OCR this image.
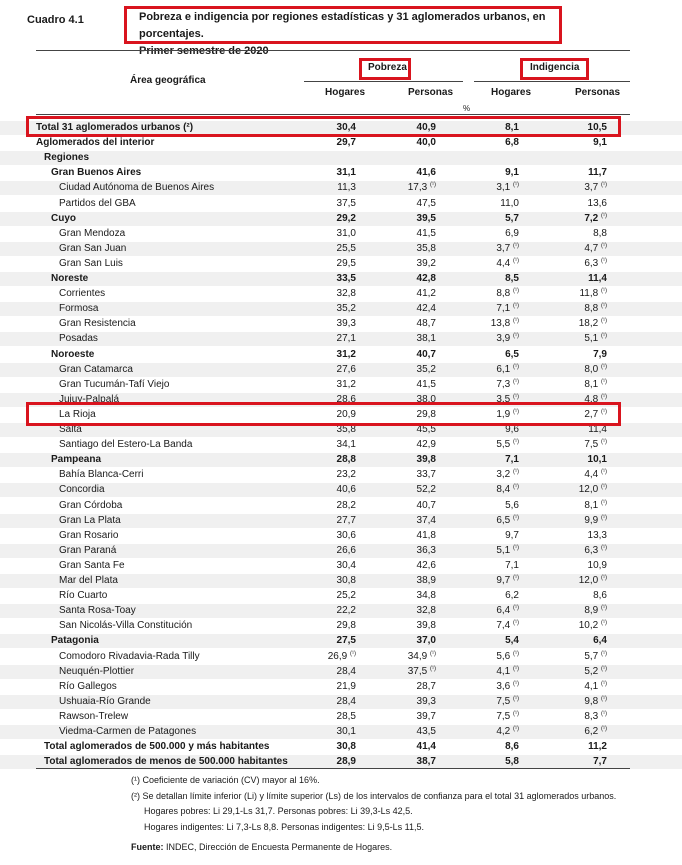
Cuadro 4.1	Pobreza e indigencia por regiones estadísticas y 31 aglomerados urbanos, en porcentajes.
Primer semestre de 2020
Área geográfica
Pobreza	Indigencia
Hogares	Personas	Hogares	Personas
%
Total 31 aglomerados urbanos (²)	30,4	40,9	8,1	10,5
Aglomerados del interior	29,7	40,0	6,8	9,1
Regiones
Gran Buenos Aires	31,1	41,6	9,1	11,7
Ciudad Autónoma de Buenos Aires	11,3	17,3 $^{(^1)}$	3,1 $^{(^1)}$	3,7 $^{(^1)}$
Partidos del GBA	37,5	47,5	11,0	13,6
Cuyo	29,2	39,5	5,7	7,2 $^{(^1)}$
Gran Mendoza	31,0	41,5	6,9	8,8
Gran San Juan	25,5	35,8	3,7 $^{(^1)}$	4,7 $^{(^1)}$
Gran San Luis	29,5	39,2	4,4 $^{(^1)}$	6,3 $^{(^1)}$
Noreste	33,5	42,8	8,5	11,4
Corrientes	32,8	41,2	8,8 $^{(^1)}$	11,8 $^{(^1)}$
Formosa	35,2	42,4	7,1 $^{(^1)}$	8,8 $^{(^1)}$
Gran Resistencia	39,3	48,7	13,8 $^{(^1)}$	18,2 $^{(^1)}$
Posadas	27,1	38,1	3,9 $^{(^1)}$	5,1 $^{(^1)}$
Noroeste	31,2	40,7	6,5	7,9
Gran Catamarca	27,6	35,2	6,1 $^{(^1)}$	8,0 $^{(^1)}$
Gran Tucumán-Tafí Viejo	31,2	41,5	7,3 $^{(^1)}$	8,1 $^{(^1)}$
Jujuy-Palpalá	28,6	38,0	3,5 $^{(^1)}$	4,8 $^{(^1)}$
La Rioja	20,9	29,8	1,9 $^{(^1)}$	2,7 $^{(^1)}$
Salta	35,8	45,5	9,6	11,4
Santiago del Estero-La Banda	34,1	42,9	5,5 $^{(^1)}$	7,5 $^{(^1)}$
Pampeana	28,8	39,8	7,1	10,1
Bahía Blanca-Cerri	23,2	33,7	3,2 $^{(^1)}$	4,4 $^{(^1)}$
Concordia	40,6	52,2	8,4 $^{(^1)}$	12,0 $^{(^1)}$
Gran Córdoba	28,2	40,7	5,6	8,1 $^{(^1)}$
Gran La Plata	27,7	37,4	6,5 $^{(^1)}$	9,9 $^{(^1)}$
Gran Rosario	30,6	41,8	9,7	13,3
Gran Paraná	26,6	36,3	5,1 $^{(^1)}$	6,3 $^{(^1)}$
Gran Santa Fe	30,4	42,6	7,1	10,9
Mar del Plata	30,8	38,9	9,7 $^{(^1)}$	12,0 $^{(^1)}$
Río Cuarto	25,2	34,8	6,2	8,6
Santa Rosa-Toay	22,2	32,8	6,4 $^{(^1)}$	8,9 $^{(^1)}$
San Nicolás-Villa Constitución	29,8	39,8	7,4 $^{(^1)}$	10,2 $^{(^1)}$
Patagonia	27,5	37,0	5,4	6,4
Comodoro Rivadavia-Rada Tilly	26,9 $^{(^1)}$	34,9 $^{(^1)}$	5,6 $^{(^1)}$	5,7 $^{(^1)}$
Neuquén-Plottier	28,4	37,5 $^{(^1)}$	4,1 $^{(^1)}$	5,2 $^{(^1)}$
Río Gallegos	21,9	28,7	3,6 $^{(^1)}$	4,1 $^{(^1)}$
Ushuaia-Río Grande	28,4	39,3	7,5 $^{(^1)}$	9,8 $^{(^1)}$
Rawson-Trelew	28,5	39,7	7,5 $^{(^1)}$	8,3 $^{(^1)}$
Viedma-Carmen de Patagones	30,1	43,5	4,2 $^{(^1)}$	6,2 $^{(^1)}$
Total aglomerados de 500.000 y más habitantes	30,8	41,4	8,6	11,2
Total aglomerados de menos de 500.000 habitantes	28,9	38,7	5,8	7,7
(¹) Coeficiente de variación (CV) mayor al 16%.
(²) Se detallan límite inferior (Li) y límite superior (Ls) de los intervalos de confianza para el total 31 aglomerados urbanos.
Hogares pobres: Li 29,1-Ls 31,7. Personas pobres: Li 39,3-Ls 42,5.
Hogares indigentes: Li 7,3-Ls 8,8. Personas indigentes: Li 9,5-Ls 11,5.
Fuente: INDEC, Dirección de Encuesta Permanente de Hogares.
